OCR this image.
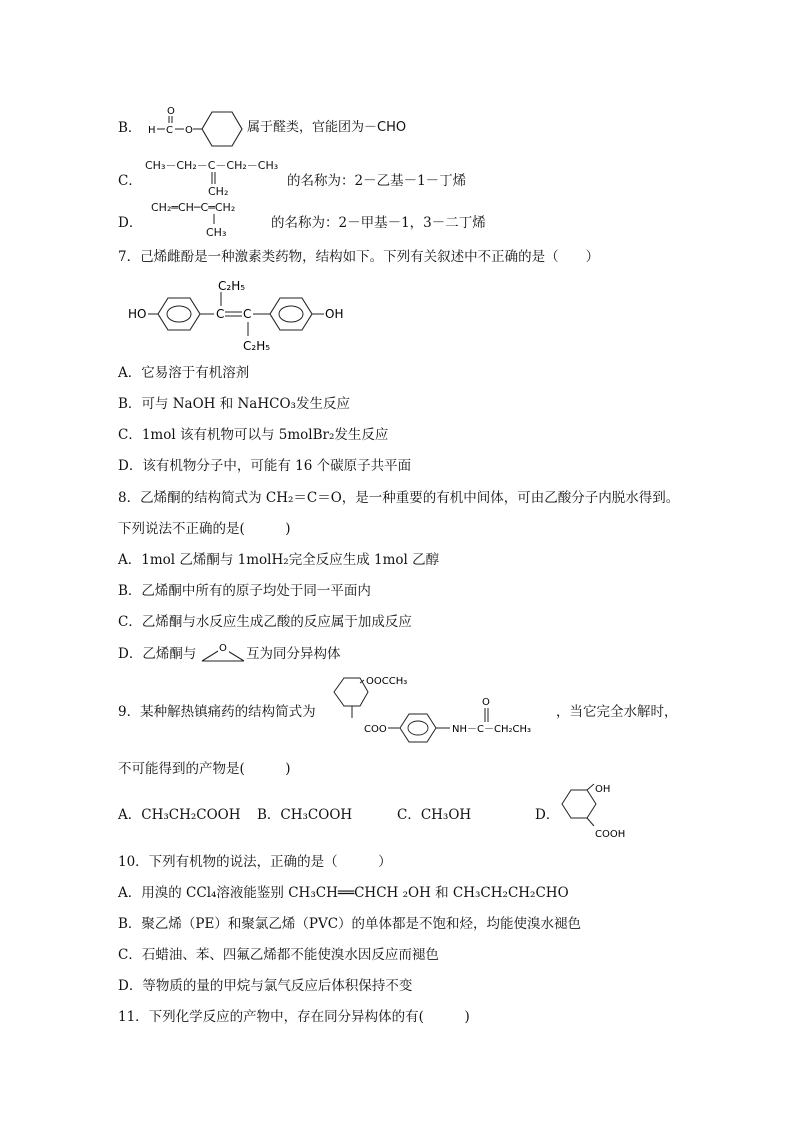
B． H C
O
O	属于醛类，官能团为－CHO
C．
CH₃－CH₂－C－CH₂－CH₃
CH₂
的名称为：2－乙基－1－丁烯
D．
CH₂═CH─C═CH₂
CH₃
的名称为：2－甲基－1，3－二丁烯
7．己烯雌酚是一种激素类药物，结构如下。下列有关叙述中不正确的是（　　）
HO	C C
C₂H₅
C₂H₅
OH
A．它易溶于有机溶剂
B．可与 NaOH 和 NaHCO₃发生反应
C．1mol 该有机物可以与 5molBr₂发生反应
D．该有机物分子中，可能有 16 个碳原子共平面
8．乙烯酮的结构简式为 CH₂＝C＝O，是一种重要的有机中间体，可由乙酸分子内脱水得到。
下列说法不正确的是(　　　)
A．1mol 乙烯酮与 1molH₂完全反应生成 1mol 乙醇
B．乙烯酮中所有的原子均处于同一平面内
C．乙烯酮与水反应生成乙酸的反应属于加成反应
D．乙烯酮与 O 互为同分异构体
9．某种解热镇痛药的结构简式为
OOCCH₃
COO	NH－C－CH₂CH₃
O
，当它完全水解时，
不可能得到的产物是(　　　)
A．CH₃CH₂COOH B．CH₃COOH	C．CH₃OH	D．
OH
COOH
10．下列有机物的说法，正确的是（　　　）
A．用溴的 CCl₄溶液能鉴别 CH₃CH══CHCH ₂OH 和 CH₃CH₂CH₂CHO
B．聚乙烯（PE）和聚氯乙烯（PVC）的单体都是不饱和烃，均能使溴水褪色
C．石蜡油、苯、四氟乙烯都不能使溴水因反应而褪色
D．等物质的量的甲烷与氯气反应后体积保持不变
11．下列化学反应的产物中，存在同分异构体的有(　　　)
